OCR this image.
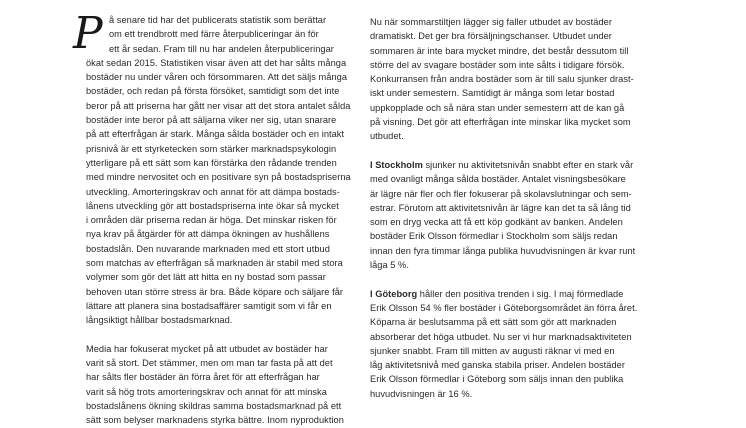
P å senare tid har det publicerats statistik som berättar
om ett trendbrott med färre återpubliceringar än för
ett år sedan. Fram till nu har andelen återpubliceringar
ökat sedan 2015. Statistiken visar även att det har sålts många
bostäder nu under våren och försommaren. Att det säljs många
bostäder, och redan på första försöket, samtidigt som det inte
beror på att priserna har gått ner visar att det stora antalet sålda
bostäder inte beror på att säljarna viker ner sig, utan snarare
på att efterfrågan är stark. Många sålda bostäder och en intakt
prisnivå är ett styrketecken som stärker marknadspsykologin
ytterligare på ett sätt som kan förstärka den rådande trenden
med mindre nervositet och en positivare syn på bostadspriserna
utveckling. Amorteringskrav och annat för att dämpa bostads-
lånens utveckling gör att bostadspriserna inte ökar så mycket
i områden där priserna redan är höga. Det minskar risken för
nya krav på åtgärder för att dämpa ökningen av hushållens
bostadslån. Den nuvarande marknaden med ett stort utbud
som matchas av efterfrågan så marknaden är stabil med stora
volymer som gör det lätt att hitta en ny bostad som passar
behoven utan större stress är bra. Både köpare och säljare får
lättare att planera sina bostadsaffärer samtigit som vi får en
långsiktigt hållbar bostadsmarknad.
Media har fokuserat mycket på att utbudet av bostäder har
varit så stort. Det stämmer, men om man tar fasta på att det
har sålts fler bostäder än förra året för att efterfrågan har
varit så hög trots amorteringskrav och annat för att minska
bostadslånens ökning skildras samma bostadsmarknad på ett
sätt som belyser marknadens styrka bättre. Inom nyproduktion
Nu när sommarstiltjen lägger sig faller utbudet av bostäder
dramatiskt. Det ger bra försäljningschanser. Utbudet under
sommaren är inte bara mycket mindre, det består dessutom till
större del av svagare bostäder som inte sålts i tidigare försök.
Konkurransen från andra bostäder som är till salu sjunker drast-
iskt under semestern. Samtidigt är många som letar bostad
uppkopplade och så nära stan under semestern att de kan gå
på visning. Det gör att efterfrågan inte minskar lika mycket som
utbudet.
I Stockholm sjunker nu aktivitetsnivån snabbt efter en stark vår
med ovanligt många sålda bostäder. Antalet visningsbesökare
är lägre när fler och fler fokuserar på skolavslutningar och sem-
estrar. Förutom att aktivitetsnivån är lägre kan det ta så lång tid
som en dryg vecka att få ett köp godkänt av banken. Andelen
bostäder Erik Olsson förmedlar i Stockholm som säljs redan
innan den fyra timmar långa publika huvudvisningen är kvar runt
låga 5 %.
I Göteborg håller den positiva trenden i sig. I maj förmedlade
Erik Olsson 54 % fler bostäder i Göteborgsområdet än förra året.
Köparna är beslutsamma på ett sätt som gör att marknaden
absorberar det höga utbudet. Nu ser vi hur marknadsaktiviteten
sjunker snabbt. Fram till mitten av augusti räknar vi med en
låg aktivitetsnivå med ganska stabila priser. Andelen bostäder
Erik Olsson förmedlar i Göteborg som säljs innan den publika
huvudvisningen är 16 %.
